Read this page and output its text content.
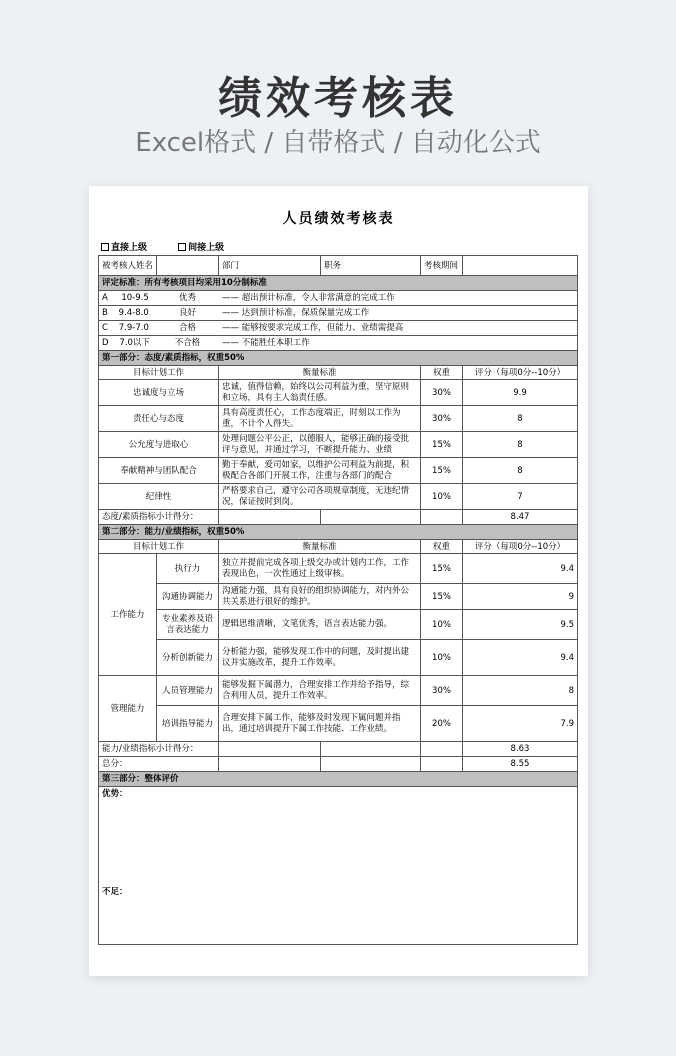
绩效考核表
Excel格式 / 自带格式 / 自动化公式
人员绩效考核表
直接上级	间接上级
被考核人姓名		部门	职务	考核期间	
评定标准：所有考核项目均采用10分制标准					
A 10-9.5	优秀	—— 超出预计标准，令人非常满意的完成工作			
B 9.4-8.0	良好	—— 达到预计标准，保质保量完成工作			
C 7.9-7.0	合格	—— 能够按要求完成工作，但能力、业绩需提高			
D 7.0以下	不合格	—— 不能胜任本职工作			
第一部分：态度/素质指标，权重50%					
目标计划工作		衡量标准		权重	评分（每项0分--10分）
忠诚度与立场		忠诚，值得信赖，始终以公司利益为重，坚守原则和立场，具有主人翁责任感。		30%	9.9
责任心与态度		具有高度责任心，工作态度端正，时刻以工作为重，不计个人得失。		30%	8
公允度与进取心		处理问题公平公正，以德服人，能够正确的接受批评与意见，并通过学习，不断提升能力、业绩		15%	8
奉献精神与团队配合		勤于奉献，爱司如家，以维护公司利益为前提，积极配合各部门开展工作，注重与各部门的配合		15%	8
纪律性		严格要求自己，遵守公司各项规章制度，无违纪情况，保证按时到岗。		10%	7
态度/素质指标小计得分：					8.47
第二部分：能力/业绩指标，权重50%					
目标计划工作		衡量标准		权重	评分（每项0分--10分）
工作能力	执行力	独立并提前完成各项上级交办或计划内工作，工作表现出色，一次性通过上级审核。		15%	9.4
	沟通协调能力	沟通能力强，具有良好的组织协调能力，对内外公共关系进行很好的维护。		15%	9
	专业素养及语言表达能力	逻辑思维清晰，文笔优秀，语言表达能力强。		10%	9.5
	分析创新能力	分析能力强，能够发现工作中的问题，及时提出建议并实施改革，提升工作效率。		10%	9.4
管理能力	人员管理能力	能够发掘下属潜力，合理安排工作并给予指导，综合利用人员，提升工作效率。		30%	8
	培训指导能力	合理安排下属工作，能够及时发现下属问题并指出，通过培训提升下属工作技能、工作业绩。		20%	7.9
能力/业绩指标小计得分：					8.63
总分：					8.55
第三部分：整体评价					
优势：					
不足：					
